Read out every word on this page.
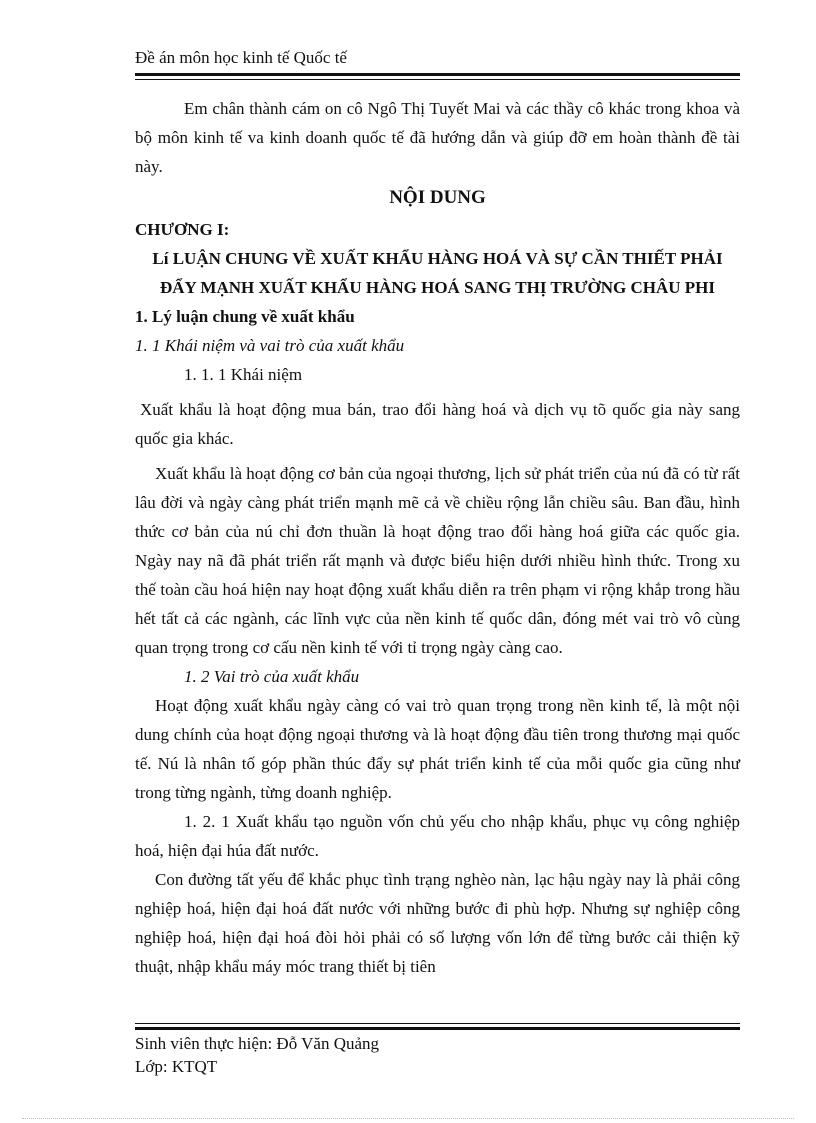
Đề án môn học kinh tế Quốc tế

Em chân thành cám on cô Ngô Thị Tuyết Mai và các thầy cô khác trong khoa và bộ môn kinh tế va kinh doanh quốc tế đã hướng dẫn và giúp đỡ em hoàn thành đề tài này.

NỘI DUNG

CHƯƠNG I:

Lí LUẬN CHUNG VỀ XUẤT KHẨU HÀNG HOÁ VÀ SỰ CẦN THIẾT PHẢI ĐẨY MẠNH XUẤT KHẨU HÀNG HOÁ SANG THỊ TRƯỜNG CHÂU PHI

1. Lý luận chung về xuất khẩu

1. 1 Khái niệm và vai trò của xuất khẩu

1. 1. 1 Khái niệm

Xuất khẩu là hoạt động mua bán, trao đổi hàng hoá và dịch vụ tõ quốc gia này sang quốc gia khác.

Xuất khẩu là hoạt động cơ bản của ngoại thương, lịch sử phát triển của nú đã có từ rất lâu đời và ngày càng phát triển mạnh mẽ cả về chiều rộng lẫn chiều sâu. Ban đầu, hình thức cơ bản của nú chỉ đơn thuần là hoạt động trao đổi hàng hoá giữa các quốc gia. Ngày nay nã đã phát triển rất mạnh và được biểu hiện dưới nhiều hình thức. Trong xu thế toàn cầu hoá hiện nay hoạt động xuất khẩu diễn ra trên phạm vi rộng khắp trong hầu hết tất cả các ngành, các lĩnh vực của nền kinh tế quốc dân, đóng mét vai trò vô cùng quan trọng trong cơ cấu nền kinh tế với tỉ trọng ngày càng cao.

1. 2 Vai trò của xuất khẩu

Hoạt động xuất khẩu ngày càng có vai trò quan trọng trong nền kinh tế, là một nội dung chính của hoạt động ngoại thương và là hoạt động đầu tiên trong thương mại quốc tế. Nú là nhân tố góp phần thúc đẩy sự phát triển kinh tế của mỗi quốc gia cũng như trong từng ngành, từng doanh nghiệp.

1. 2. 1 Xuất khẩu tạo nguồn vốn chủ yếu cho nhập khẩu, phục vụ công nghiệp hoá, hiện đại húa đất nước.

Con đường tất yếu để khắc phục tình trạng nghèo nàn, lạc hậu ngày nay là phải công nghiệp hoá, hiện đại hoá đất nước với những bước đi phù hợp. Nhưng sự nghiệp công nghiệp hoá, hiện đại hoá đòi hỏi phải có số lượng vốn lớn để từng bước cải thiện kỹ thuật, nhập khẩu máy móc trang thiết bị tiên

Sinh viên thực hiện: Đỗ Văn Quảng
Lớp: KTQT
